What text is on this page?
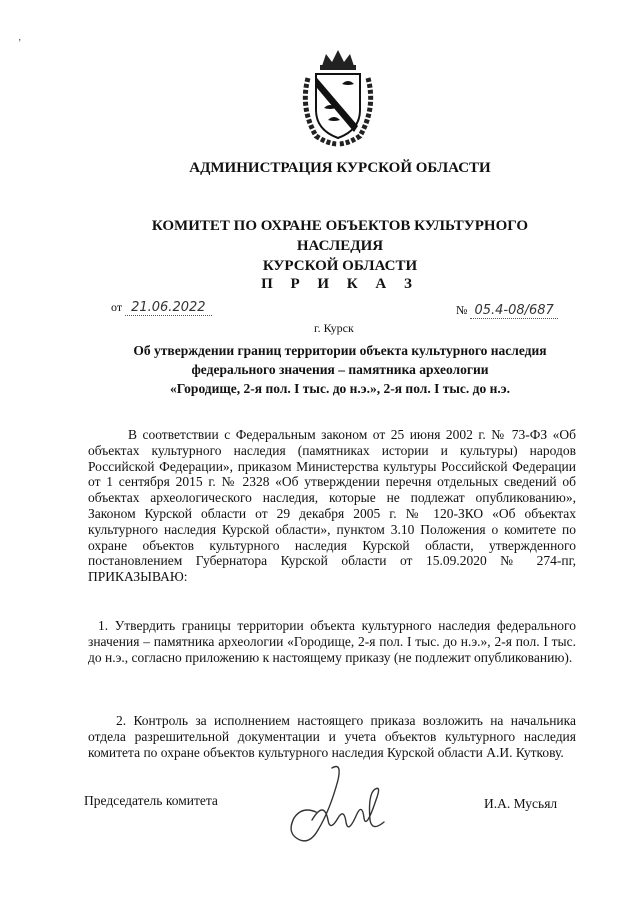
‚
АДМИНИСТРАЦИЯ КУРСКОЙ ОБЛАСТИ
КОМИТЕТ ПО ОХРАНЕ ОБЪЕКТОВ КУЛЬТУРНОГО НАСЛЕДИЯ
КУРСКОЙ ОБЛАСТИ
П Р И К А З
от 21.06.2022	№ 05.4-08/687
г. Курск
Об утверждении границ территории объекта культурного наследия
федерального значения – памятника археологии
«Городище, 2-я пол. I тыс. до н.э.», 2-я пол. I тыс. до н.э.
В соответствии с Федеральным законом от 25 июня 2002 г. № 73-ФЗ «Об объектах культурного наследия (памятниках истории и культуры) народов Российской Федерации», приказом Министерства культуры Российской Федерации от 1 сентября 2015 г. № 2328 «Об утверждении перечня отдельных сведений об объектах археологического наследия, которые не подлежат опубликованию», Законом Курской области от 29 декабря 2005 г. № 120-ЗКО «Об объектах культурного наследия Курской области», пунктом 3.10 Положения о комитете по охране объектов культурного наследия Курской области, утвержденного постановлением Губернатора Курской области от 15.09.2020 № 274-пг, ПРИКАЗЫВАЮ:
1. Утвердить границы территории объекта культурного наследия федерального значения – памятника археологии «Городище, 2-я пол. I тыс. до н.э.», 2-я пол. I тыс. до н.э., согласно приложению к настоящему приказу (не подлежит опубликованию).
2. Контроль за исполнением настоящего приказа возложить на начальника отдела разрешительной документации и учета объектов культурного наследия комитета по охране объектов культурного наследия Курской области А.И. Куткову.
Председатель комитета	И.А. Мусьял
